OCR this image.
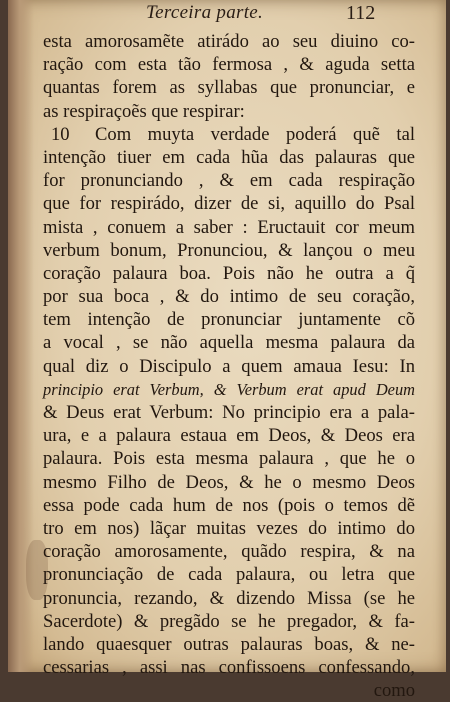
Terceira parte.	112
esta amorosamẽte atirádo ao seu diuino co-
ração com esta tão fermosa , & aguda setta
quantas forem as syllabas que pronunciar, e
as respiraçoẽs que respirar:
10 Com muyta verdade poderá quẽ tal
intenção tiuer em cada hũa das palauras que
for pronunciando , & em cada respiração
que for respirádo, dizer de si, aquillo do Psal
mista , conuem a saber : Eructauit cor meum
verbum bonum, Pronunciou, & lançou o meu
coração palaura boa. Pois não he outra a q̃
por sua boca , & do intimo de seu coração,
tem intenção de pronunciar juntamente cõ
a vocal , se não aquella mesma palaura da
qual diz o Discipulo a quem amaua Iesu: In
principio erat Verbum, & Verbum erat apud Deum
& Deus erat Verbum: No principio era a pala-
ura, e a palaura estaua em Deos, & Deos era
palaura. Pois esta mesma palaura , que he o
mesmo Filho de Deos, & he o mesmo Deos
essa pode cada hum de nos (pois o temos dẽ
tro em nos) lãçar muitas vezes do intimo do
coração amorosamente, quãdo respira, & na
pronunciação de cada palaura, ou letra que
pronuncia, rezando, & dizendo Missa (se he
Sacerdote) & pregãdo se he pregador, & fa-
lando quaesquer outras palauras boas, & ne-
cessarias , assi nas confissoens confessando,
como
